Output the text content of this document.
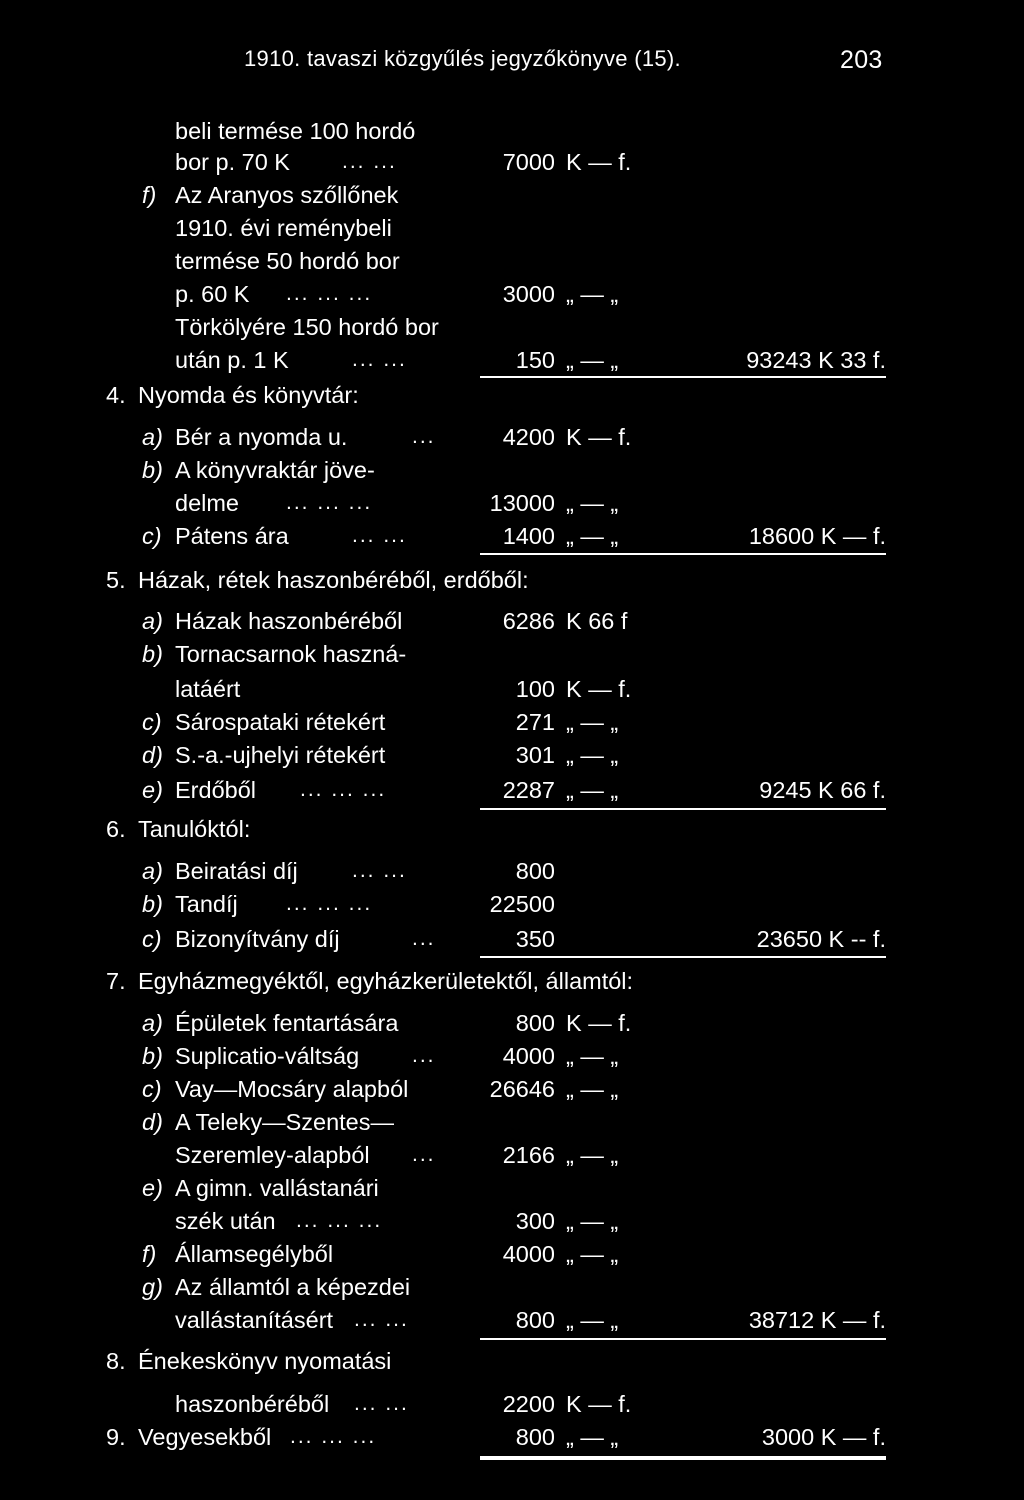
1910. tavaszi közgyűlés jegyzőkönyve (15).	203
beli termése 100 hordó
bor p. 70 K ... ...	7000 K — f.
f) Az Aranyos szőllőnek
1910. évi reménybeli
termése 50 hordó bor
p. 60 K ... ... ...	3000 „ — „
Törkölyére 150 hordó bor
után p. 1 K	... ...	150 „ — „	93243 K 33 f.
4. Nyomda és könyvtár:
a) Bér a nyomda u.	...	4200 K — f.
b) A könyvraktár jöve-
delme ... ... ...	13000 „ — „
c) Pátens ára	... ...	1400 „ — „	18600 K — f.
5. Házak, rétek haszonbéréből, erdőből:
a) Házak haszonbéréből	6286 K 66 f
b) Tornacsarnok haszná-
latáért	100 K — f.
c) Sárospataki rétekért	271 „ — „
d) S.-a.-ujhelyi rétekért	301 „ — „
e) Erdőből ... ... ...	2287 „ — „	9245 K 66 f.
6. Tanulóktól:
a) Beiratási díj	... ...	800
b) Tandíj ... ... ...	22500
c) Bizonyítvány díj	...	350	23650 K -- f.
7. Egyházmegyéktől, egyházkerületektől, államtól:
a) Épületek fentartására	800 K — f.
b) Suplicatio-váltság	...	4000 „ — „
c) Vay—Mocsáry alapból	26646 „ — „
d) A Teleky—Szentes—
Szeremley-alapból ...	2166 „ — „
e) A gimn. vallástanári
szék után ... ... ...	300 „ — „
f) Államsegélyből	4000 „ — „
g) Az államtól a képezdei
vallástanításért ... ...	800 „ — „	38712 K — f.
8. Énekeskönyv nyomatási
haszonbéréből ... ...	2200 K — f.
9. Vegyesekből ... ... ...	800 „ — „	3000 K — f.
